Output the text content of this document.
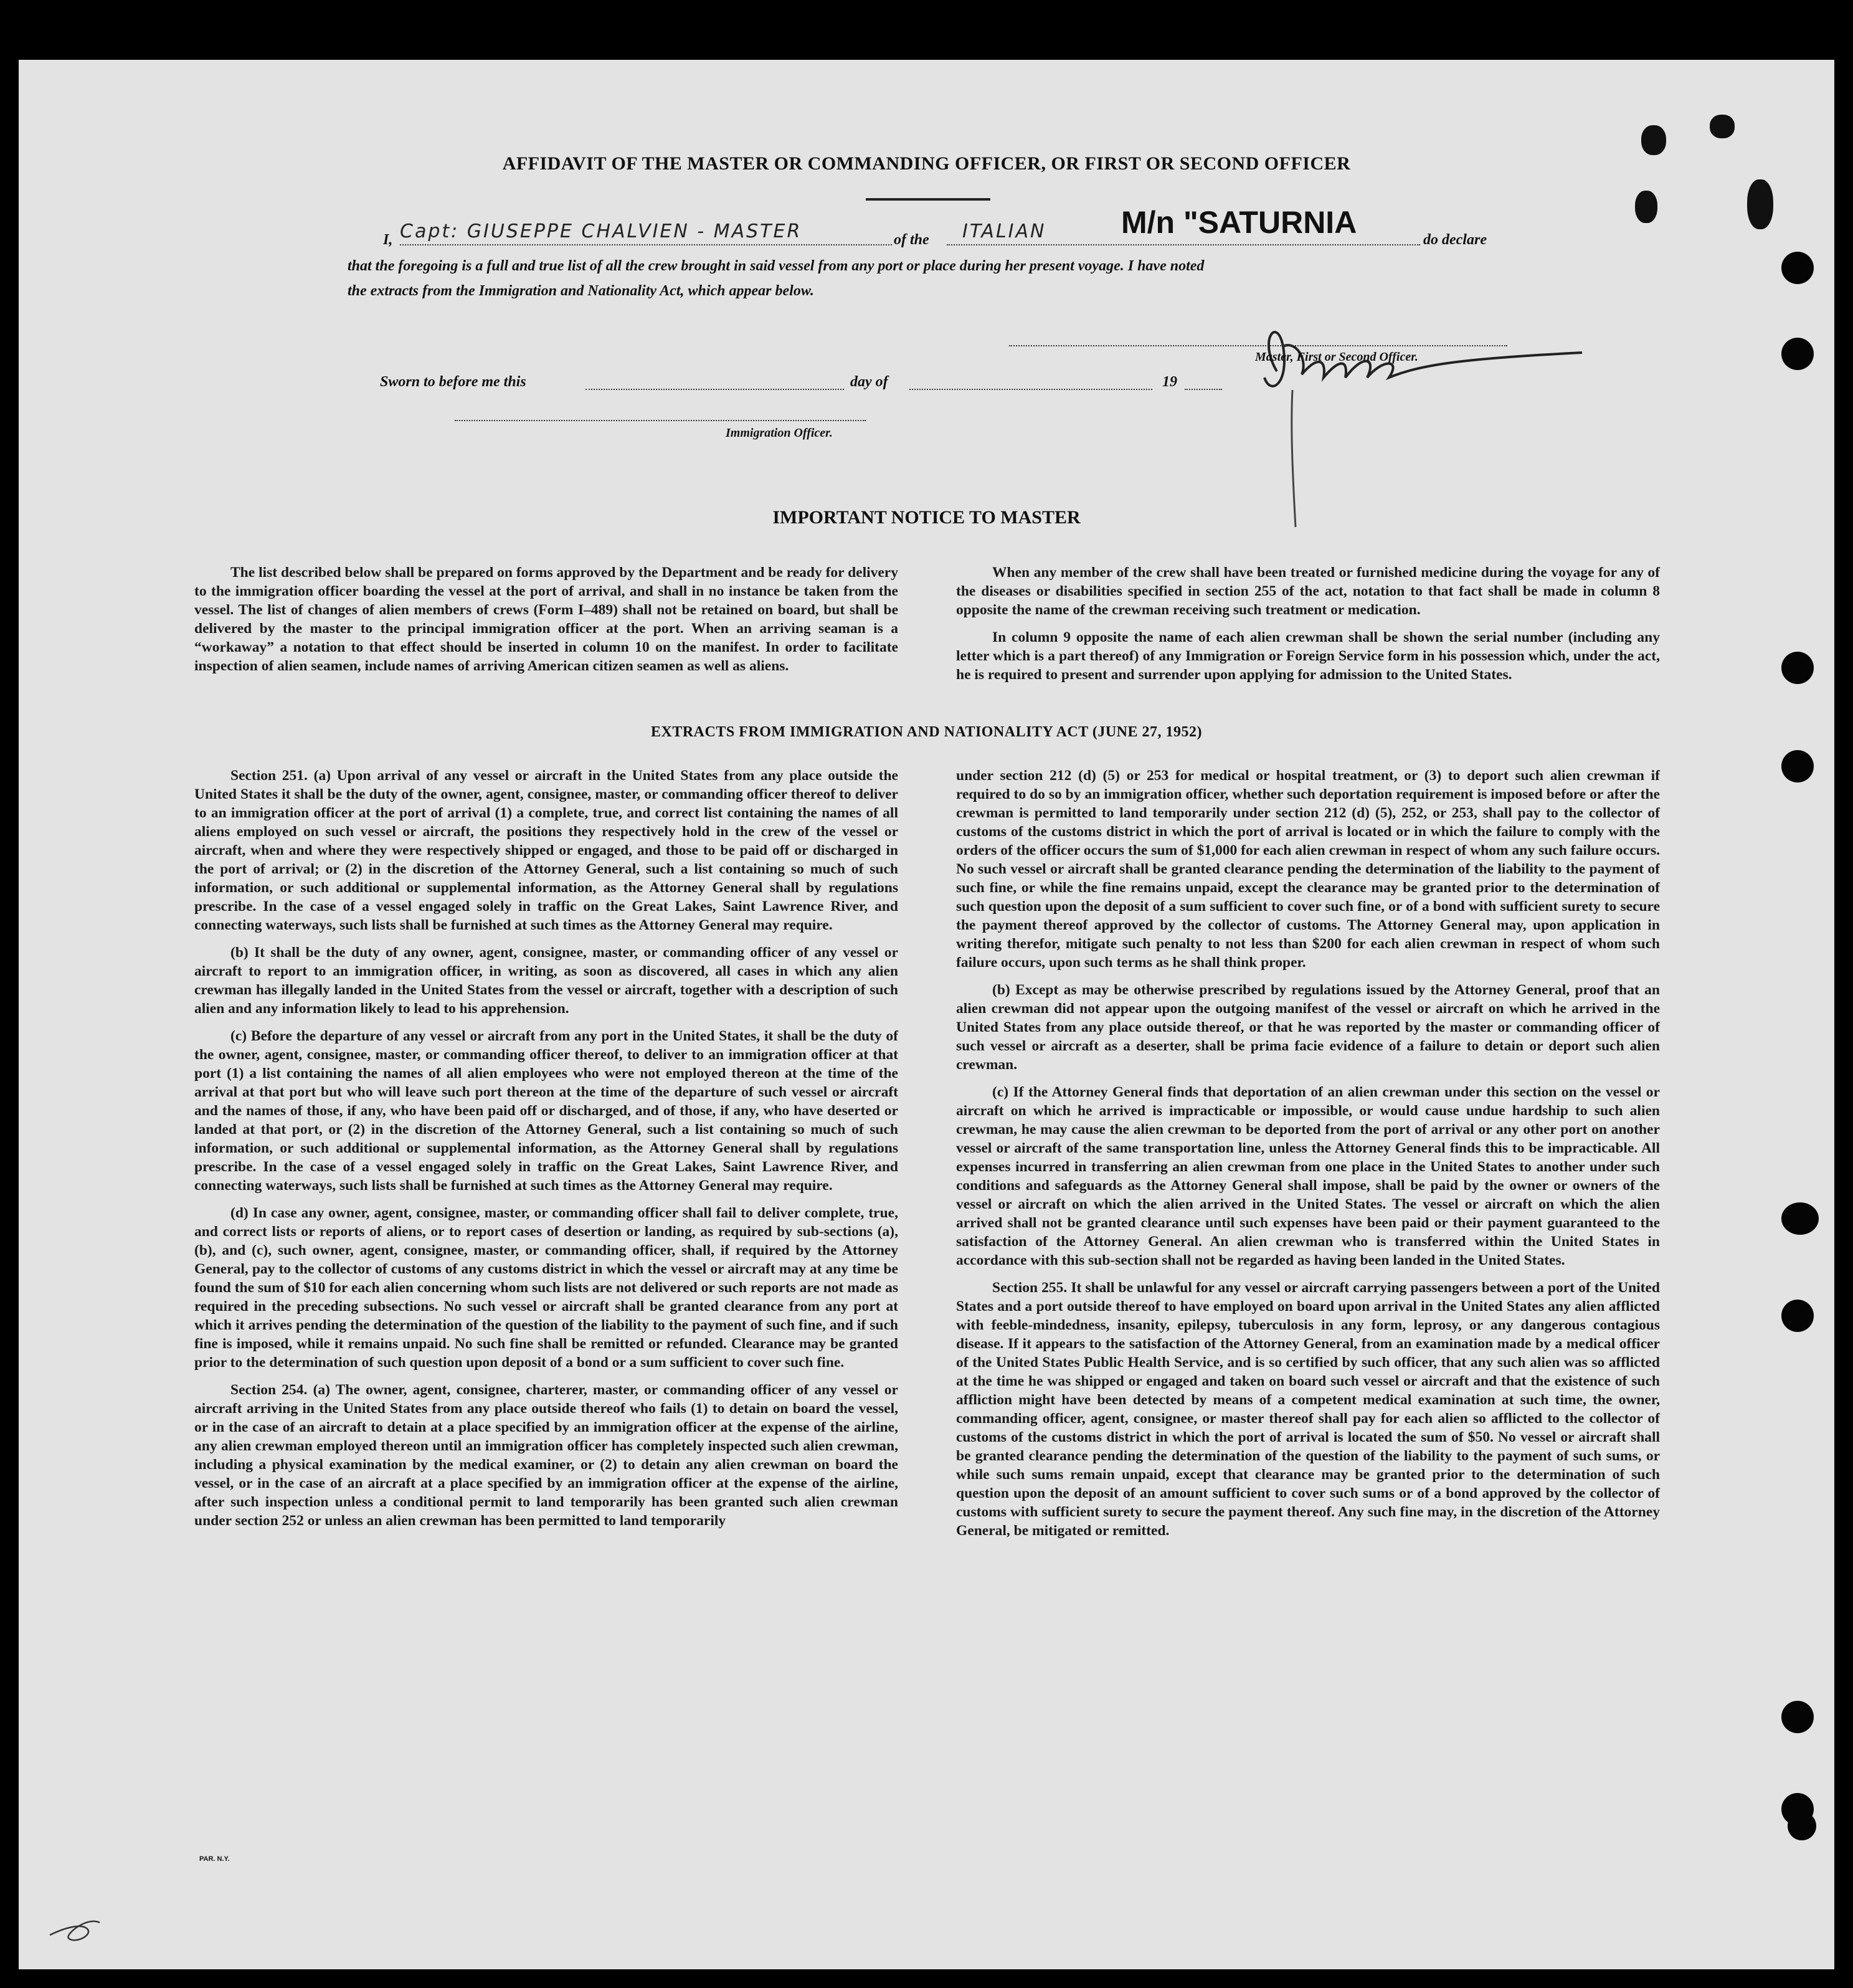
AFFIDAVIT OF THE MASTER OR COMMANDING OFFICER, OR FIRST OR SECOND OFFICER
I, Capt: GIUSEPPE CHALVIEN - MASTER	of the	ITALIAN	M/n "SATURNIA	do declare
that the foregoing is a full and true list of all the crew brought in said vessel from any port or place during her present voyage. I have noted
the extracts from the Immigration and Nationality Act, which appear below.
Master, First or Second Officer.
Sworn to before me this	day of	19
Immigration Officer.
IMPORTANT NOTICE TO MASTER

The list described below shall be prepared on forms approved by the Department and be ready for delivery to the immigration officer boarding the vessel at the port of arrival, and shall in no instance be taken from the vessel. The list of changes of alien members of crews (Form I–489) shall not be retained on board, but shall be delivered by the master to the principal immigration officer at the port. When an arriving seaman is a “workaway” a notation to that effect should be inserted in column 10 on the manifest. In order to facilitate inspection of alien seamen, include names of arriving American citizen seamen as well as aliens.

When any member of the crew shall have been treated or furnished medicine during the voyage for any of the diseases or disabilities specified in section 255 of the act, notation to that fact shall be made in column 8 opposite the name of the crewman receiving such treatment or medication.

In column 9 opposite the name of each alien crewman shall be shown the serial number (including any letter which is a part thereof) of any Immigration or Foreign Service form in his possession which, under the act, he is required to present and surrender upon applying for admission to the United States.

EXTRACTS FROM IMMIGRATION AND NATIONALITY ACT (JUNE 27, 1952)

Section 251. (a) Upon arrival of any vessel or aircraft in the United States from any place outside the United States it shall be the duty of the owner, agent, consignee, master, or commanding officer thereof to deliver to an immigration officer at the port of arrival (1) a complete, true, and correct list containing the names of all aliens employed on such vessel or aircraft, the positions they respectively hold in the crew of the vessel or aircraft, when and where they were respectively shipped or engaged, and those to be paid off or discharged in the port of arrival; or (2) in the discretion of the Attorney General, such a list containing so much of such information, or such additional or supplemental information, as the Attorney General shall by regulations prescribe. In the case of a vessel engaged solely in traffic on the Great Lakes, Saint Lawrence River, and connecting waterways, such lists shall be furnished at such times as the Attorney General may require.

(b) It shall be the duty of any owner, agent, consignee, master, or commanding officer of any vessel or aircraft to report to an immigration officer, in writing, as soon as discovered, all cases in which any alien crewman has illegally landed in the United States from the vessel or aircraft, together with a description of such alien and any information likely to lead to his apprehension.

(c) Before the departure of any vessel or aircraft from any port in the United States, it shall be the duty of the owner, agent, consignee, master, or commanding officer thereof, to deliver to an immigration officer at that port (1) a list containing the names of all alien employees who were not employed thereon at the time of the arrival at that port but who will leave such port thereon at the time of the departure of such vessel or aircraft and the names of those, if any, who have been paid off or discharged, and of those, if any, who have deserted or landed at that port, or (2) in the discretion of the Attorney General, such a list containing so much of such information, or such additional or supplemental information, as the Attorney General shall by regulations prescribe. In the case of a vessel engaged solely in traffic on the Great Lakes, Saint Lawrence River, and connecting waterways, such lists shall be furnished at such times as the Attorney General may require.

(d) In case any owner, agent, consignee, master, or commanding officer shall fail to deliver complete, true, and correct lists or reports of aliens, or to report cases of desertion or landing, as required by sub-sections (a), (b), and (c), such owner, agent, consignee, master, or commanding officer, shall, if required by the Attorney General, pay to the collector of customs of any customs district in which the vessel or aircraft may at any time be found the sum of $10 for each alien concerning whom such lists are not delivered or such reports are not made as required in the preceding subsections. No such vessel or aircraft shall be granted clearance from any port at which it arrives pending the determination of the question of the liability to the payment of such fine, and if such fine is imposed, while it remains unpaid. No such fine shall be remitted or refunded. Clearance may be granted prior to the determination of such question upon deposit of a bond or a sum sufficient to cover such fine.

Section 254. (a) The owner, agent, consignee, charterer, master, or commanding officer of any vessel or aircraft arriving in the United States from any place outside thereof who fails (1) to detain on board the vessel, or in the case of an aircraft to detain at a place specified by an immigration officer at the expense of the airline, any alien crewman employed thereon until an immigration officer has completely inspected such alien crewman, including a physical examination by the medical examiner, or (2) to detain any alien crewman on board the vessel, or in the case of an aircraft at a place specified by an immigration officer at the expense of the airline, after such inspection unless a conditional permit to land temporarily has been granted such alien crewman under section 252 or unless an alien crewman has been permitted to land temporarily

under section 212 (d) (5) or 253 for medical or hospital treatment, or (3) to deport such alien crewman if required to do so by an immigration officer, whether such deportation requirement is imposed before or after the crewman is permitted to land temporarily under section 212 (d) (5), 252, or 253, shall pay to the collector of customs of the customs district in which the port of arrival is located or in which the failure to comply with the orders of the officer occurs the sum of $1,000 for each alien crewman in respect of whom any such failure occurs. No such vessel or aircraft shall be granted clearance pending the determination of the liability to the payment of such fine, or while the fine remains unpaid, except the clearance may be granted prior to the determination of such question upon the deposit of a sum sufficient to cover such fine, or of a bond with sufficient surety to secure the payment thereof approved by the collector of customs. The Attorney General may, upon application in writing therefor, mitigate such penalty to not less than $200 for each alien crewman in respect of whom such failure occurs, upon such terms as he shall think proper.

(b) Except as may be otherwise prescribed by regulations issued by the Attorney General, proof that an alien crewman did not appear upon the outgoing manifest of the vessel or aircraft on which he arrived in the United States from any place outside thereof, or that he was reported by the master or commanding officer of such vessel or aircraft as a deserter, shall be prima facie evidence of a failure to detain or deport such alien crewman.

(c) If the Attorney General finds that deportation of an alien crewman under this section on the vessel or aircraft on which he arrived is impracticable or impossible, or would cause undue hardship to such alien crewman, he may cause the alien crewman to be deported from the port of arrival or any other port on another vessel or aircraft of the same transportation line, unless the Attorney General finds this to be impracticable. All expenses incurred in transferring an alien crewman from one place in the United States to another under such conditions and safeguards as the Attorney General shall impose, shall be paid by the owner or owners of the vessel or aircraft on which the alien arrived in the United States. The vessel or aircraft on which the alien arrived shall not be granted clearance until such expenses have been paid or their payment guaranteed to the satisfaction of the Attorney General. An alien crewman who is transferred within the United States in accordance with this sub-section shall not be regarded as having been landed in the United States.

Section 255. It shall be unlawful for any vessel or aircraft carrying passengers between a port of the United States and a port outside thereof to have employed on board upon arrival in the United States any alien afflicted with feeble-mindedness, insanity, epilepsy, tuberculosis in any form, leprosy, or any dangerous contagious disease. If it appears to the satisfaction of the Attorney General, from an examination made by a medical officer of the United States Public Health Service, and is so certified by such officer, that any such alien was so afflicted at the time he was shipped or engaged and taken on board such vessel or aircraft and that the existence of such affliction might have been detected by means of a competent medical examination at such time, the owner, commanding officer, agent, consignee, or master thereof shall pay for each alien so afflicted to the collector of customs of the customs district in which the port of arrival is located the sum of $50. No vessel or aircraft shall be granted clearance pending the determination of the question of the liability to the payment of such sums, or while such sums remain unpaid, except that clearance may be granted prior to the determination of such question upon the deposit of an amount sufficient to cover such sums or of a bond approved by the collector of customs with sufficient surety to secure the payment thereof. Any such fine may, in the discretion of the Attorney General, be mitigated or remitted.

PAR. N.Y.
